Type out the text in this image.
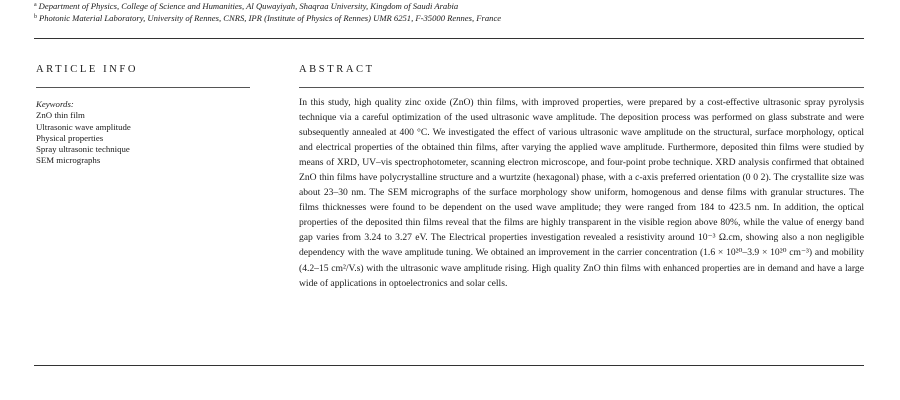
$^a$ Department of Physics, College of Science and Humanities, Al Quwayiyah, Shaqraa University, Kingdom of Saudi Arabia
$^b$ Photonic Material Laboratory, University of Rennes, CNRS, IPR (Institute of Physics of Rennes) UMR 6251, F-35000 Rennes, France
ARTICLE INFO	ABSTRACT
Keywords:
ZnO thin film
Ultrasonic wave amplitude
Physical properties
Spray ultrasonic technique
SEM micrographs

In this study, high quality zinc oxide (ZnO) thin films, with improved properties, were prepared by a cost-effective ultrasonic spray pyrolysis technique via a careful optimization of the used ultrasonic wave amplitude. The deposition process was performed on glass substrate and were subsequently annealed at 400 °C. We investigated the effect of various ultrasonic wave amplitude on the structural, surface morphology, optical and electrical properties of the obtained thin films, after varying the applied wave amplitude. Furthermore, deposited thin films were studied by means of XRD, UV–vis spectrophotometer, scanning electron microscope, and four-point probe technique. XRD analysis confirmed that obtained ZnO thin films have polycrystalline structure and a wurtzite (hexagonal) phase, with a c-axis preferred orientation (0 0 2). The crystallite size was about 23–30 nm. The SEM micrographs of the surface morphology show uniform, homogenous and dense films with granular structures. The films thicknesses were found to be dependent on the used wave amplitude; they were ranged from 184 to 423.5 nm. In addition, the optical properties of the deposited thin films reveal that the films are highly transparent in the visible region above 80%, while the value of energy band gap varies from 3.24 to 3.27 eV. The Electrical properties investigation revealed a resistivity around 10⁻³ Ω.cm, showing also a non negligible dependency with the wave amplitude tuning. We obtained an improvement in the carrier concentration (1.6 × 10²⁰–3.9 × 10²⁰ cm⁻³) and mobility (4.2–15 cm²/V.s) with the ultrasonic wave amplitude rising. High quality ZnO thin films with enhanced properties are in demand and have a large wide of applications in optoelectronics and solar cells.
